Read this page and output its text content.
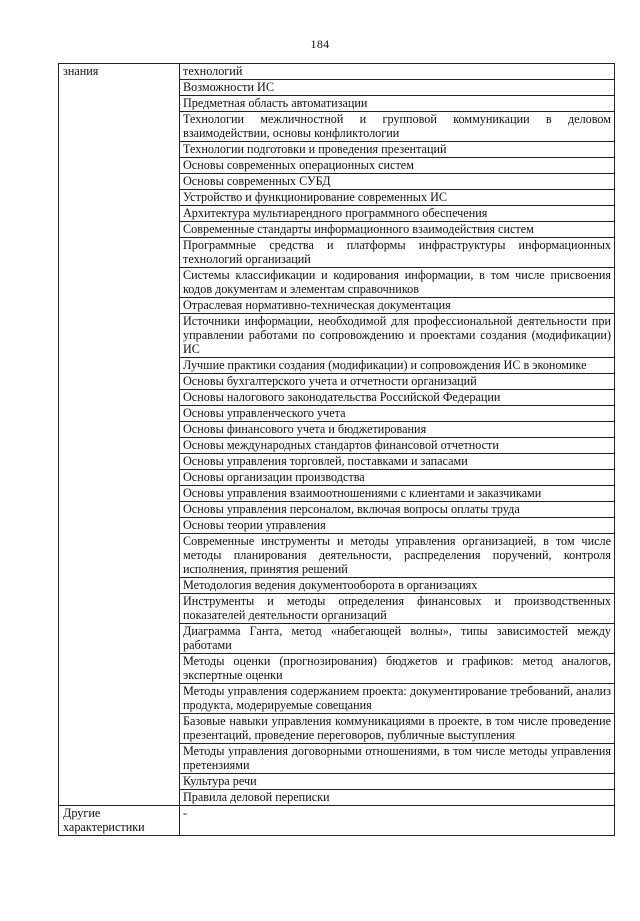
184
знания	технологий
	Возможности ИС
	Предметная область автоматизации
	Технологии межличностной и групповой коммуникации в деловом взаимодействии, основы конфликтологии
	Технологии подготовки и проведения презентаций
	Основы современных операционных систем
	Основы современных СУБД
	Устройство и функционирование современных ИС
	Архитектура мультиарендного программного обеспечения
	Современные стандарты информационного взаимодействия систем
	Программные средства и платформы инфраструктуры информационных технологий организаций
	Системы классификации и кодирования информации, в том числе присвоения кодов документам и элементам справочников
	Отраслевая нормативно-техническая документация
	Источники информации, необходимой для профессиональной деятельности при управлении работами по сопровождению и проектами создания (модификации) ИС
	Лучшие практики создания (модификации) и сопровождения ИС в экономике
	Основы бухгалтерского учета и отчетности организаций
	Основы налогового законодательства Российской Федерации
	Основы управленческого учета
	Основы финансового учета и бюджетирования
	Основы международных стандартов финансовой отчетности
	Основы управления торговлей, поставками и запасами
	Основы организации производства
	Основы управления взаимоотношениями с клиентами и заказчиками
	Основы управления персоналом, включая вопросы оплаты труда
	Основы теории управления
	Современные инструменты и методы управления организацией, в том числе методы планирования деятельности, распределения поручений, контроля исполнения, принятия решений
	Методология ведения документооборота в организациях
	Инструменты и методы определения финансовых и производственных показателей деятельности организаций
	Диаграмма Ганта, метод «набегающей волны», типы зависимостей между работами
	Методы оценки (прогнозирования) бюджетов и графиков: метод аналогов, экспертные оценки
	Методы управления содержанием проекта: документирование требований, анализ продукта, модерируемые совещания
	Базовые навыки управления коммуникациями в проекте, в том числе проведение презентаций, проведение переговоров, публичные выступления
	Методы управления договорными отношениями, в том числе методы управления претензиями
	Культура речи
	Правила деловой переписки
Другие характеристики	-
